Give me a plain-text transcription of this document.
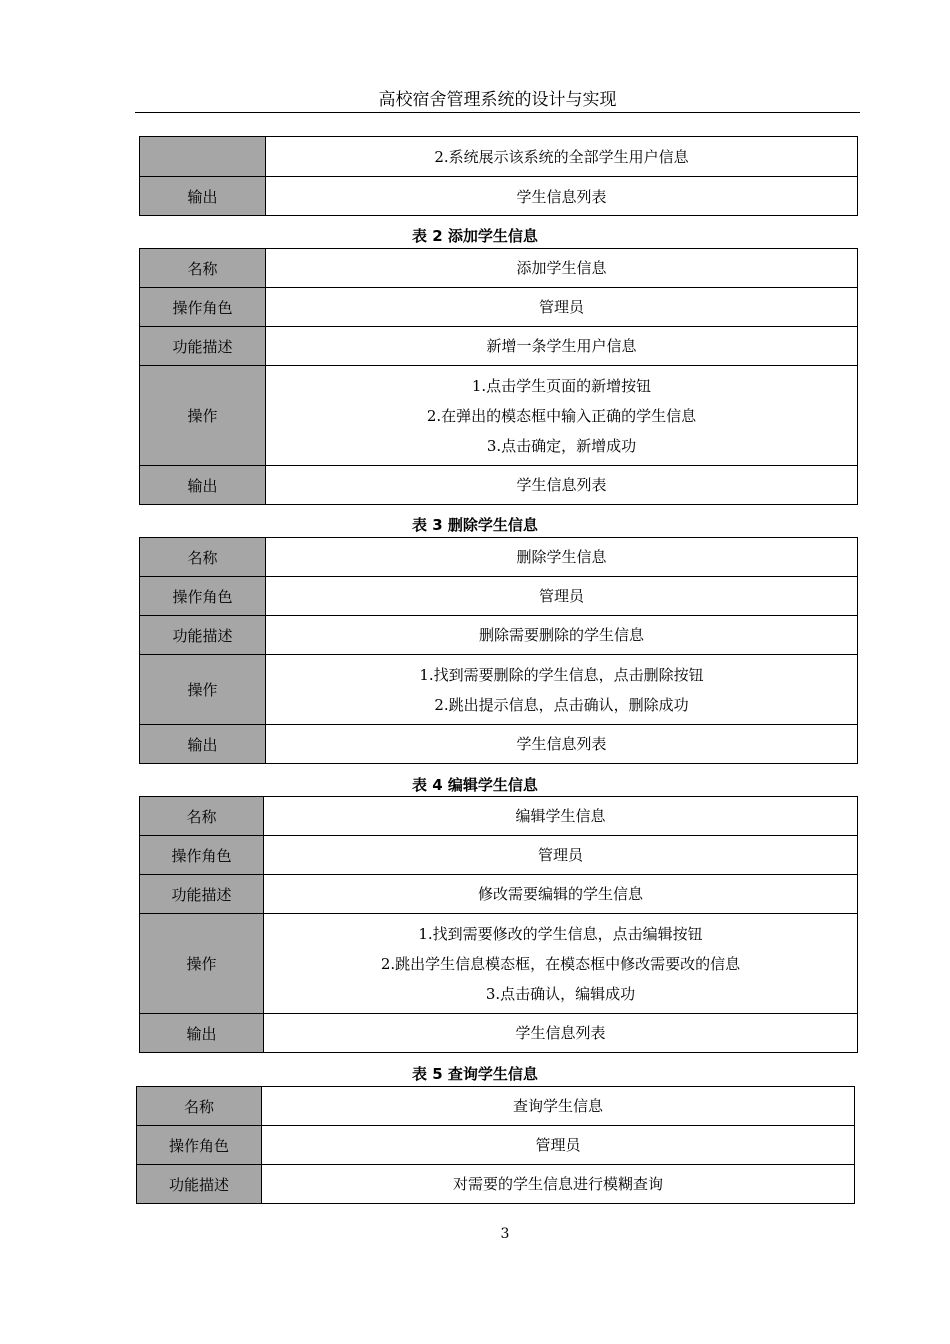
高校宿舍管理系统的设计与实现
	2.系统展示该系统的全部学生用户信息
输出	学生信息列表
表 2 添加学生信息
名称	添加学生信息

操作角色	管理员

功能描述	新增一条学生用户信息

操作	1.点击学生页面的新增按钮
2.在弹出的模态框中输入正确的学生信息
3.点击确定，新增成功

输出	学生信息列表
表 3 删除学生信息
名称	删除学生信息

操作角色	管理员

功能描述	删除需要删除的学生信息

操作	1.找到需要删除的学生信息，点击删除按钮
2.跳出提示信息，点击确认，删除成功

输出	学生信息列表
表 4 编辑学生信息
名称	编辑学生信息

操作角色	管理员

功能描述	修改需要编辑的学生信息

操作	1.找到需要修改的学生信息，点击编辑按钮
2.跳出学生信息模态框，在模态框中修改需要改的信息
3.点击确认，编辑成功

输出	学生信息列表
表 5 查询学生信息
名称	查询学生信息

操作角色	管理员

功能描述	对需要的学生信息进行模糊查询
3
